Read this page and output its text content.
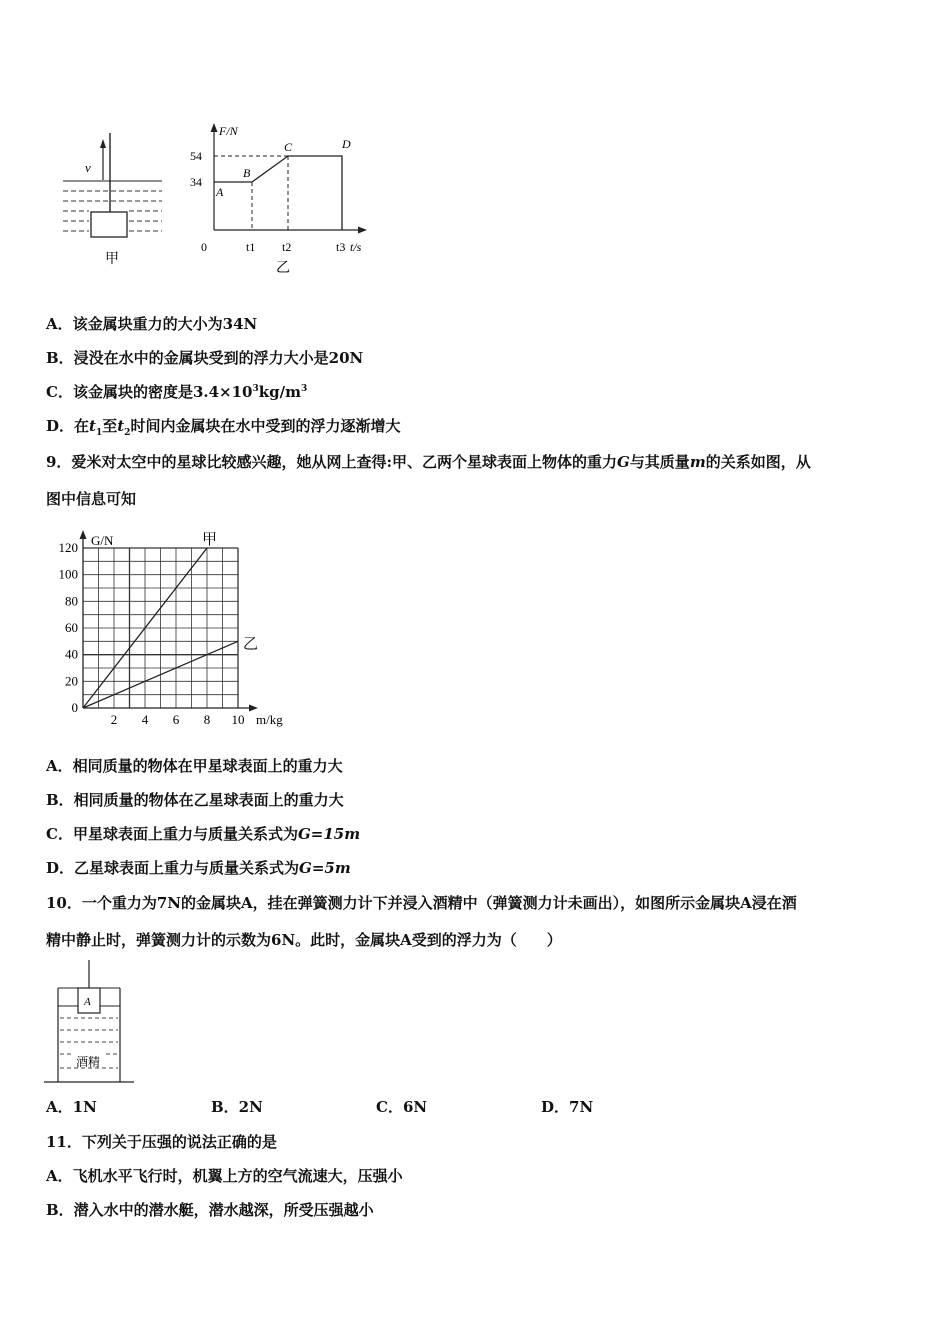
v
甲
F/N
54
34
A
B
C	D
0	t1 t2	t3 t/s
乙
A．该金属块重力的大小为34N
B．浸没在水中的金属块受到的浮力大小是20N
C．该金属块的密度是$3.4\times 10^3kg/m^3$
D．在$t_1$至$t_2$时间内金属块在水中受到的浮力逐渐增大
9．爱米对太空中的星球比较感兴趣，她从网上查得:甲、乙两个星球表面上物体的重力G与其质量m的关系如图，从
图中信息可知
0
20
40
60
80
100
120
2 4 6 8 10
G/N
m/kg
甲
乙
A．相同质量的物体在甲星球表面上的重力大
B．相同质量的物体在乙星球表面上的重力大
C．甲星球表面上重力与质量关系式为G=15m
D．乙星球表面上重力与质量关系式为G=5m
10．一个重力为7N的金属块A，挂在弹簧测力计下并浸入酒精中（弹簧测力计未画出），如图所示金属块A浸在酒
精中静止时，弹簧测力计的示数为6N。此时，金属块A受到的浮力为（　　）
A
酒精
A．1N	B．2N	C．6N	D．7N
11．下列关于压强的说法正确的是
A．飞机水平飞行时，机翼上方的空气流速大，压强小
B．潜入水中的潜水艇，潜水越深，所受压强越小
